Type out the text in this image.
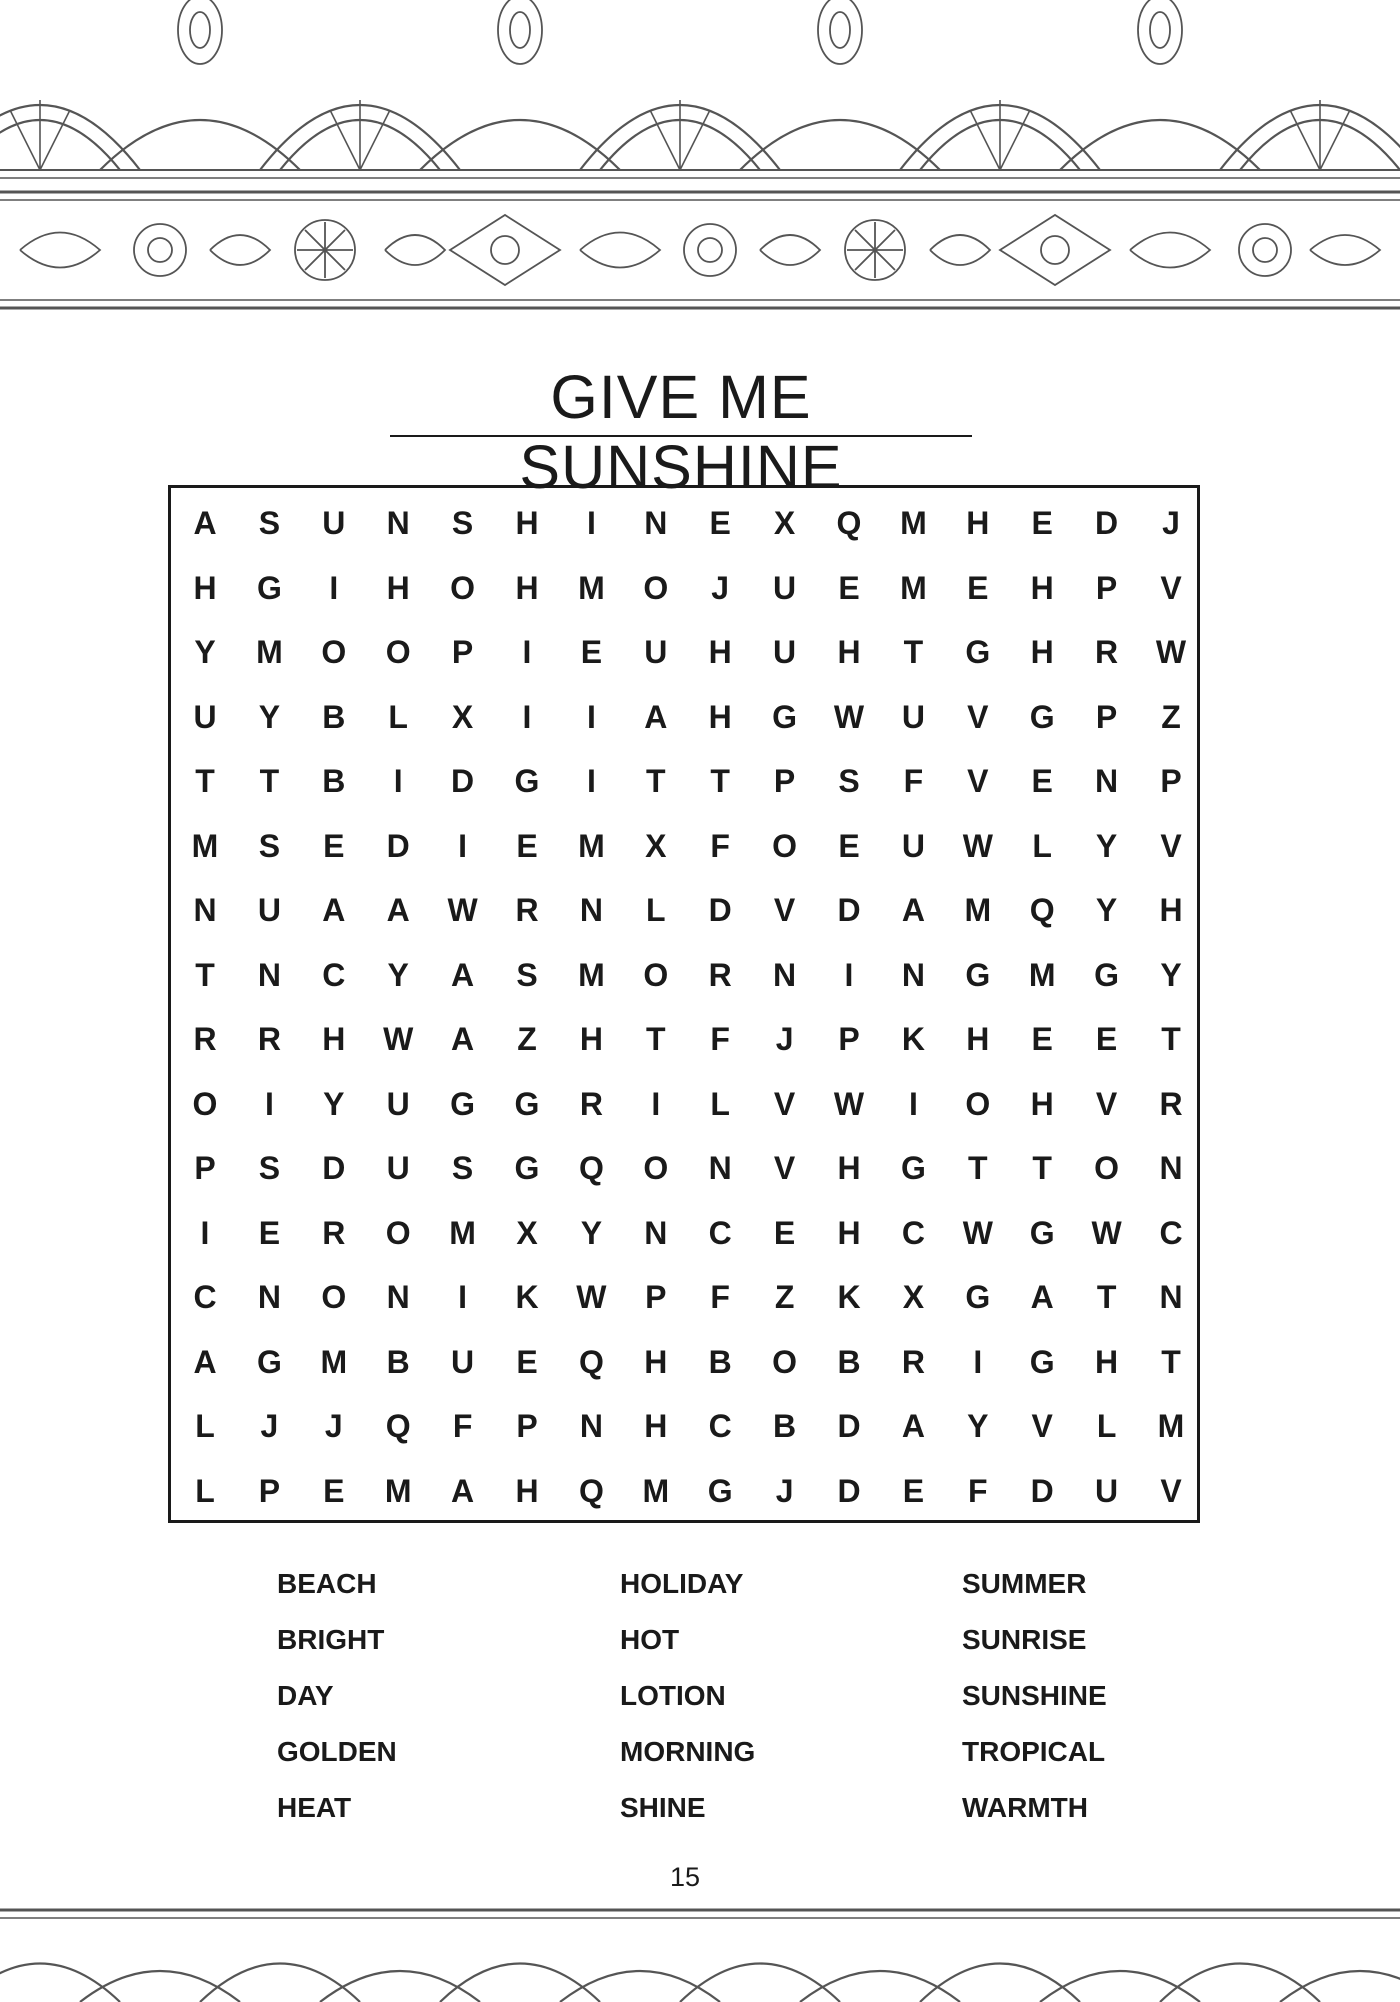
GIVE ME SUNSHINE
A	S	U	N	S	H	I	N	E	X	Q	M	H	E	D	J
H	G	I	H	O	H	M	O	J	U	E	M	E	H	P	V
Y	M	O	O	P	I	E	U	H	U	H	T	G	H	R	W
U	Y	B	L	X	I	I	A	H	G	W	U	V	G	P	Z
T	T	B	I	D	G	I	T	T	P	S	F	V	E	N	P
M	S	E	D	I	E	M	X	F	O	E	U	W	L	Y	V
N	U	A	A	W	R	N	L	D	V	D	A	M	Q	Y	H
T	N	C	Y	A	S	M	O	R	N	I	N	G	M	G	Y
R	R	H	W	A	Z	H	T	F	J	P	K	H	E	E	T
O	I	Y	U	G	G	R	I	L	V	W	I	O	H	V	R
P	S	D	U	S	G	Q	O	N	V	H	G	T	T	O	N
I	E	R	O	M	X	Y	N	C	E	H	C	W	G	W	C
C	N	O	N	I	K	W	P	F	Z	K	X	G	A	T	N
A	G	M	B	U	E	Q	H	B	O	B	R	I	G	H	T
L	J	J	Q	F	P	N	H	C	B	D	A	Y	V	L	M
L	P	E	M	A	H	Q	M	G	J	D	E	F	D	U	V
BEACH
BRIGHT
DAY
GOLDEN
HEAT
HOLIDAY
HOT
LOTION
MORNING
SHINE
SUMMER
SUNRISE
SUNSHINE
TROPICAL
WARMTH
15
